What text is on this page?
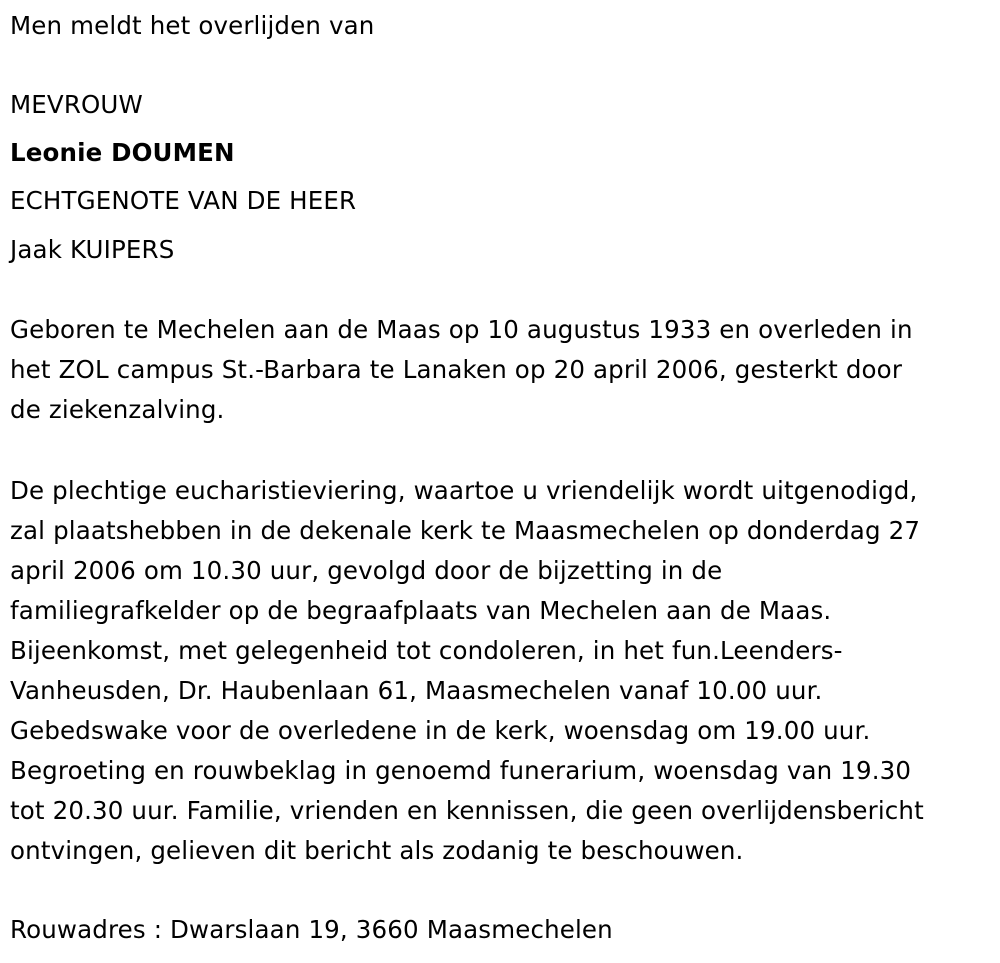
Men meldt het overlijden van
MEVROUW
Leonie DOUMEN
ECHTGENOTE VAN DE HEER
Jaak KUIPERS
Geboren te Mechelen aan de Maas op 10 augustus 1933 en overleden in
het ZOL campus St.-Barbara te Lanaken op 20 april 2006, gesterkt door
de ziekenzalving.
De plechtige eucharistieviering, waartoe u vriendelijk wordt uitgenodigd,
zal plaatshebben in de dekenale kerk te Maasmechelen op donderdag 27
april 2006 om 10.30 uur, gevolgd door de bijzetting in de
familiegrafkelder op de begraafplaats van Mechelen aan de Maas.
Bijeenkomst, met gelegenheid tot condoleren, in het fun.Leenders-
Vanheusden, Dr. Haubenlaan 61, Maasmechelen vanaf 10.00 uur.
Gebedswake voor de overledene in de kerk, woensdag om 19.00 uur.
Begroeting en rouwbeklag in genoemd funerarium, woensdag van 19.30
tot 20.30 uur. Familie, vrienden en kennissen, die geen overlijdensbericht
ontvingen, gelieven dit bericht als zodanig te beschouwen.
Rouwadres : Dwarslaan 19, 3660 Maasmechelen
